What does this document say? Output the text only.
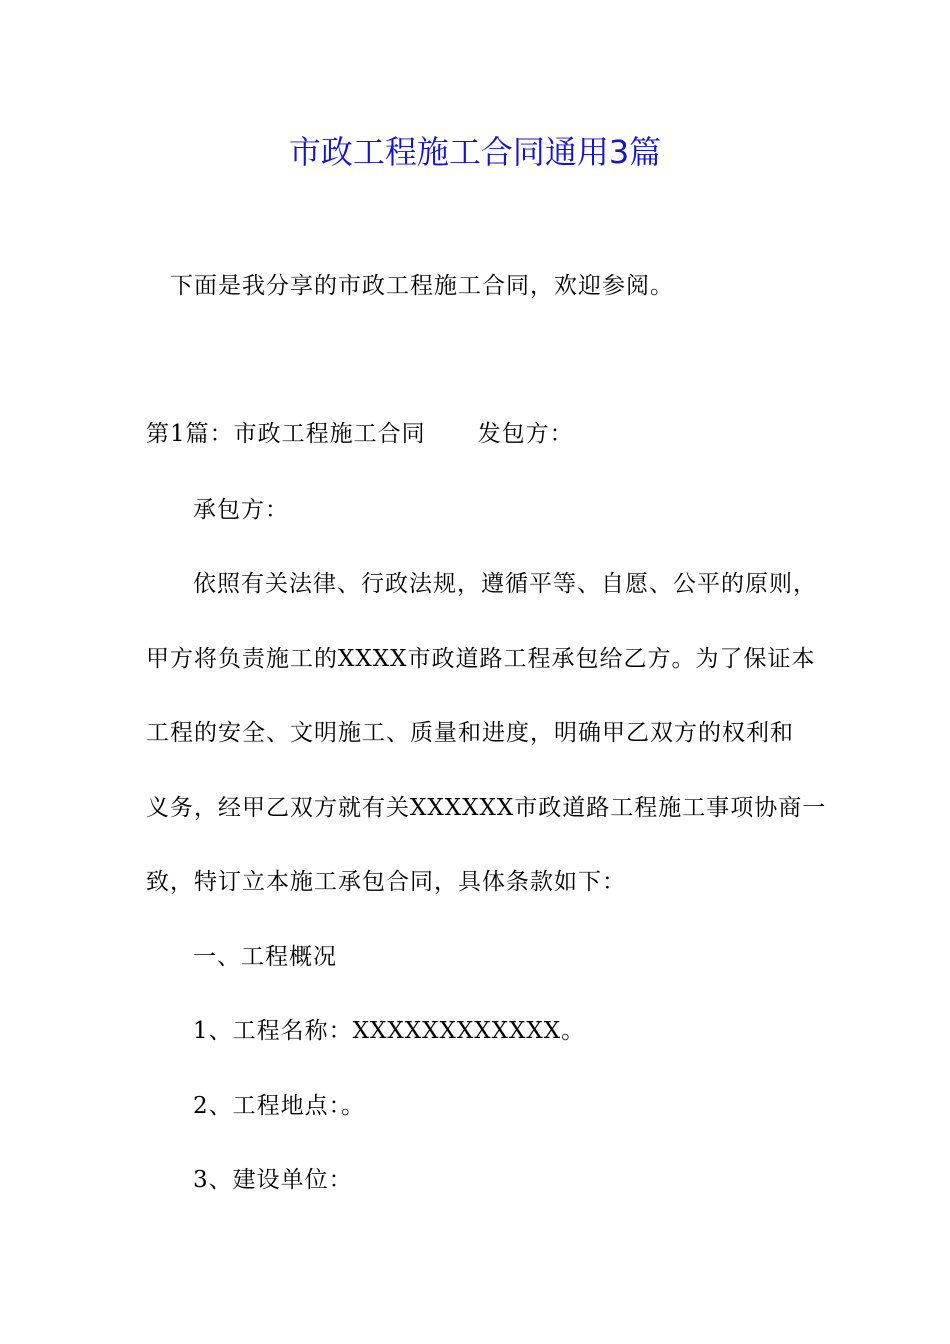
市政工程施工合同通用3篇
下面是我分享的市政工程施工合同，欢迎参阅。
第1篇：市政工程施工合同 发包方：
承包方：
依照有关法律、行政法规，遵循平等、自愿、公平的原则，
甲方将负责施工的XXXX市政道路工程承包给乙方。为了保证本
工程的安全、文明施工、质量和进度，明确甲乙双方的权利和
义务，经甲乙双方就有关XXXXXX市政道路工程施工事项协商一
致，特订立本施工承包合同，具体条款如下：
一、工程概况
1、工程名称：XXXXXXXXXXXX。
2、工程地点：。
3、建设单位：
